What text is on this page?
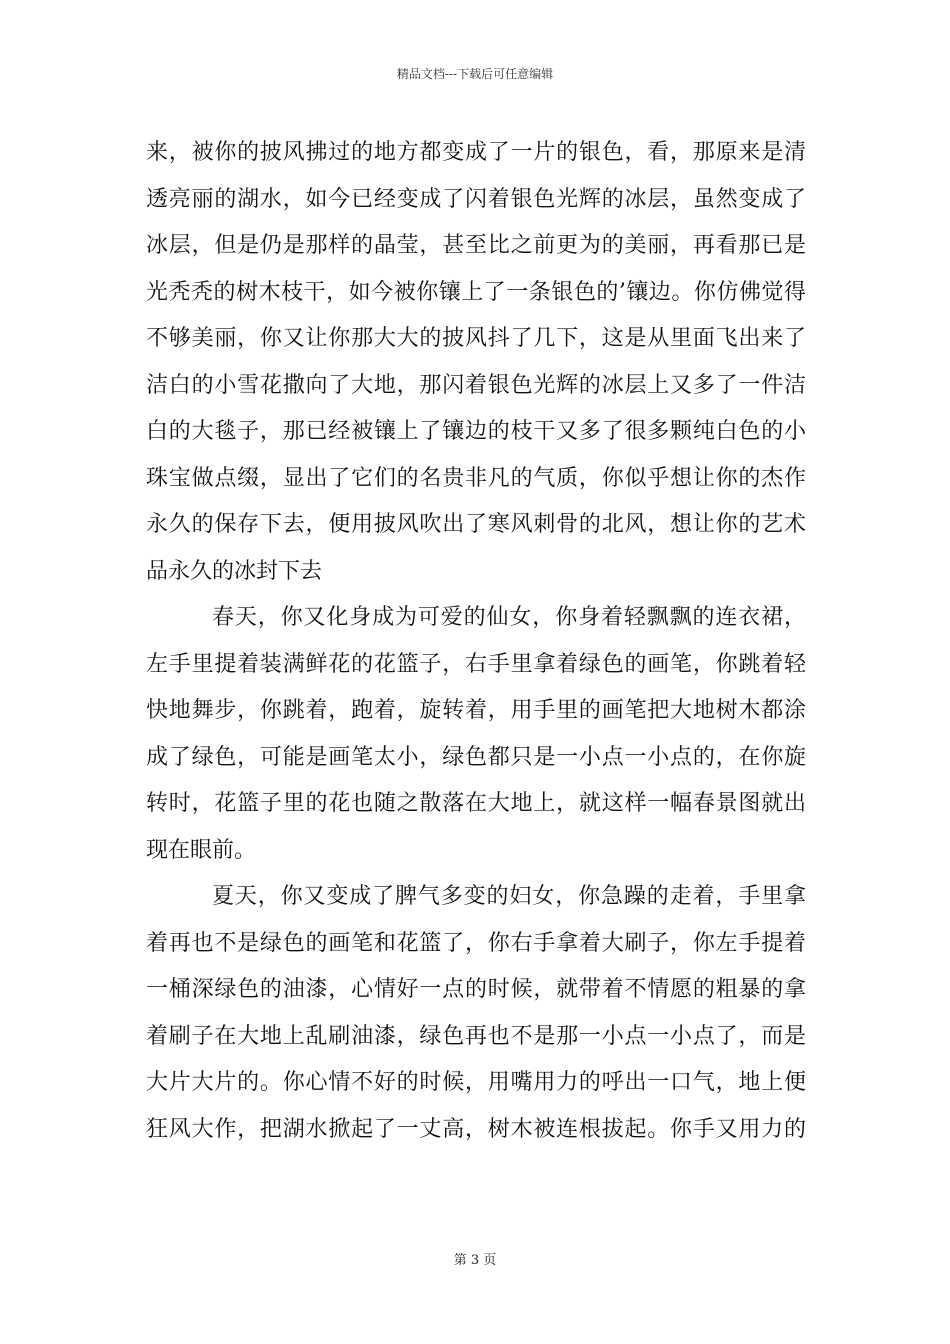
精品文档---下载后可任意编辑
来，被你的披风拂过的地方都变成了一片的银色，看，那原来是清
透亮丽的湖水，如今已经变成了闪着银色光辉的冰层，虽然变成了
冰层，但是仍是那样的晶莹，甚至比之前更为的美丽，再看那已是
光秃秃的树木枝干，如今被你镶上了一条银色的’镶边。你仿佛觉得
不够美丽，你又让你那大大的披风抖了几下，这是从里面飞出来了
洁白的小雪花撒向了大地，那闪着银色光辉的冰层上又多了一件洁
白的大毯子，那已经被镶上了镶边的枝干又多了很多颗纯白色的小
珠宝做点缀，显出了它们的名贵非凡的气质，你似乎想让你的杰作
永久的保存下去，便用披风吹出了寒风刺骨的北风，想让你的艺术
品永久的冰封下去
春天，你又化身成为可爱的仙女，你身着轻飘飘的连衣裙，
左手里提着装满鲜花的花篮子，右手里拿着绿色的画笔，你跳着轻
快地舞步，你跳着，跑着，旋转着，用手里的画笔把大地树木都涂
成了绿色，可能是画笔太小，绿色都只是一小点一小点的，在你旋
转时，花篮子里的花也随之散落在大地上，就这样一幅春景图就出
现在眼前。
夏天，你又变成了脾气多变的妇女，你急躁的走着，手里拿
着再也不是绿色的画笔和花篮了，你右手拿着大刷子，你左手提着
一桶深绿色的油漆，心情好一点的时候，就带着不情愿的粗暴的拿
着刷子在大地上乱刷油漆，绿色再也不是那一小点一小点了，而是
大片大片的。你心情不好的时候，用嘴用力的呼出一口气，地上便
狂风大作，把湖水掀起了一丈高，树木被连根拔起。你手又用力的
第 3 页
